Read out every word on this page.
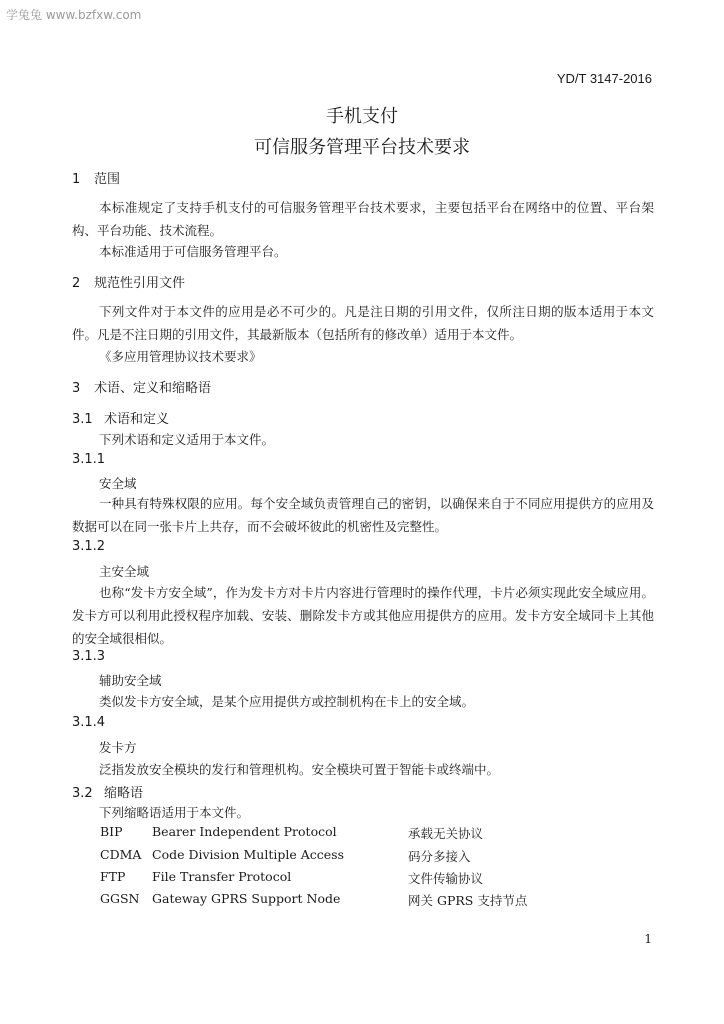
学兔兔 www.bzfxw.com
YD/T 3147-2016
手机支付
可信服务管理平台技术要求
1 范围
本标准规定了支持手机支付的可信服务管理平台技术要求，主要包括平台在网络中的位置、平台架构、平台功能、技术流程。
本标准适用于可信服务管理平台。
2 规范性引用文件
下列文件对于本文件的应用是必不可少的。凡是注日期的引用文件，仅所注日期的版本适用于本文件。凡是不注日期的引用文件，其最新版本（包括所有的修改单）适用于本文件。
《多应用管理协议技术要求》
3 术语、定义和缩略语
3.1 术语和定义
下列术语和定义适用于本文件。
3.1.1
安全域
一种具有特殊权限的应用。每个安全域负责管理自己的密钥，以确保来自于不同应用提供方的应用及数据可以在同一张卡片上共存，而不会破坏彼此的机密性及完整性。
3.1.2
主安全域
也称“发卡方安全域”，作为发卡方对卡片内容进行管理时的操作代理，卡片必须实现此安全域应用。发卡方可以利用此授权程序加载、安装、删除发卡方或其他应用提供方的应用。发卡方安全域同卡上其他的安全域很相似。
3.1.3
辅助安全域
类似发卡方安全域，是某个应用提供方或控制机构在卡上的安全域。
3.1.4
发卡方
泛指发放安全模块的发行和管理机构。安全模块可置于智能卡或终端中。
3.2 缩略语
下列缩略语适用于本文件。
BIP Bearer Independent Protocol	承载无关协议
CDMA Code Division Multiple Access	码分多接入
FTP File Transfer Protocol	文件传输协议
GGSN Gateway GPRS Support Node	网关 GPRS 支持节点
1
